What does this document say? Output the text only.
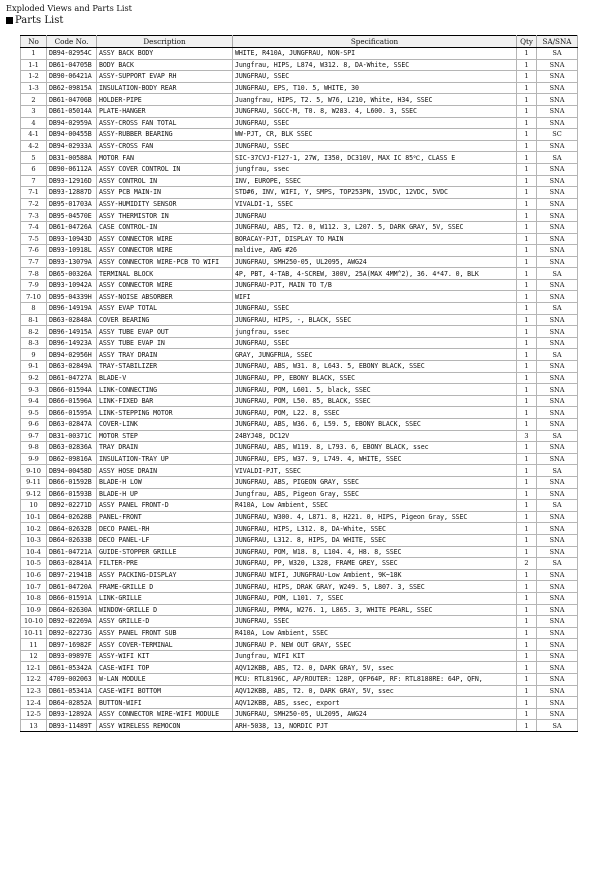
Exploded Views and Parts List
Parts List
No	Code No.	Description	Specification	Qty	SA/SNA
1	DB94-02954C	ASSY BACK BODY	WHITE, R410A, JUNGFRAU, NON-SPI	1	SA
1-1	DB61-04705B	BODY BACK	Jungfrau, HIPS, L874, W312. 8, DA-White, SSEC	1	SNA
1-2	DB90-06421A	ASSY-SUPPORT EVAP RH	JUNGFRAU, SSEC	1	SNA
1-3	DB62-09815A	INSULATION-BODY REAR	JUNGFRAU, EPS, T10. 5, WHITE, 30	1	SNA
2	DB61-04706B	HOLDER-PIPE	Juangfrau, HIPS, T2. 5, W76, L210, White, H34, SSEC	1	SNA
3	DB61-05014A	PLATE-HANGER	JUNGFRAU, SGCC-M, T0. 8, W283. 4, L600. 3, SSEC	1	SNA
4	DB94-02959A	ASSY-CROSS FAN TOTAL	JUNGFRAU, SSEC	1	SNA
4-1	DB94-00455B	ASSY-RUBBER BEARING	WW-PJT, CR, BLK SSEC	1	SC
4-2	DB94-02933A	ASSY-CROSS FAN	JUNGFRAU, SSEC	1	SNA
5	DB31-00588A	MOTOR FAN	SIC-37CVJ-F127-1, 27W, I350, DC310V, MAX IC 85℃, CLASS E	1	SA
6	DB90-06112A	ASSY COVER CONTROL IN	jungfrau, ssec	1	SNA
7	DB93-12916D	ASSY CONTROL IN	INV, EUROPE, SSEC	1	SNA
7-1	DB93-12887D	ASSY PCB MAIN-IN	STD#6, INV, WIFI, Y, SMPS, TOP253PN, 15VDC, 12VDC, 5VDC	1	SNA
7-2	DB95-01703A	ASSY-HUMIDITY SENSOR	VIVALDI-1, SSEC	1	SNA
7-3	DB95-04570E	ASSY THERMISTOR IN	JUNGFRAU	1	SNA
7-4	DB61-04726A	CASE CONTROL-IN	JUNGFRAU, ABS, T2. 0, W112. 3, L207. 5, DARK GRAY, 5V, SSEC	1	SNA
7-5	DB93-10943D	ASSY CONNECTOR WIRE	BORACAY-PJT, DISPLAY TO MAIN	1	SNA
7-6	DB93-10918L	ASSY CONNECTOR WIRE	maldive, AWG #26	1	SNA
7-7	DB93-13079A	ASSY CONNECTOR WIRE-PCB TO WIFI	JUNGFRAU, SMH250-05, UL2095, AWG24	1	SNA
7-8	DB65-00326A	TERMINAL BLOCK	4P, PBT, 4-TAB, 4-SCREW, 300V, 25A(MAX 4MM^2), 36. 4*47. 0, BLK	1	SA
7-9	DB93-10942A	ASSY CONNECTOR WIRE	JUNGFRAU-PJT, MAIN TO T/B	1	SNA
7-10	DB95-04339H	ASSY-NOISE ABSORBER	WIFI	1	SNA
8	DB96-14919A	ASSY EVAP TOTAL	JUNGFRAU, SSEC	1	SA
8-1	DB63-02848A	COVER BEARING	JUNGFRAU, HIPS, -, BLACK, SSEC	1	SNA
8-2	DB96-14915A	ASSY TUBE EVAP OUT	jungfrau, ssec	1	SNA
8-3	DB96-14923A	ASSY TUBE EVAP IN	JUNGFRAU, SSEC	1	SNA
9	DB94-02956H	ASSY TRAY DRAIN	GRAY, JUNGFRUA, SSEC	1	SA
9-1	DB63-02849A	TRAY-STABILIZER	JUNGFRAU, ABS, W31. 8, L643. 5, EBONY BLACK, SSEC	1	SNA
9-2	DB61-04727A	BLADE-V	JUNGFRAU, PP, EBONY BLACK, SSEC	1	SNA
9-3	DB66-01594A	LINK-CONNECTING	JUNGFRAU, POM, L601. 5, black, SSEC	1	SNA
9-4	DB66-01596A	LINK-FIXED BAR	JUNGFRAU, POM, L50. 85, BLACK, SSEC	1	SNA
9-5	DB66-01595A	LINK-STEPPING MOTOR	JUNGFRAU, POM, L22. 8, SSEC	1	SNA
9-6	DB63-02847A	COVER-LINK	JUNGFRAU, ABS, W36. 6, L59. 5, EBONY BLACK, SSEC	1	SNA
9-7	DB31-00371C	MOTOR STEP	24BYJ48, DC12V	3	SA
9-8	DB63-02836A	TRAY DRAIN	JUNGFRAU, ABS, W119. 8, L793. 6, EBONY BLACK, ssec	1	SNA
9-9	DB62-09816A	INSULATION-TRAY UP	JUNGFRAU, EPS, W37. 9, L749. 4, WHITE, SSEC	1	SNA
9-10	DB94-00458D	ASSY HOSE DRAIN	VIVALDI-PJT, SSEC	1	SA
9-11	DB66-01592B	BLADE-H LOW	JUNGFRAU, ABS, PIGEON GRAY, SSEC	1	SNA
9-12	DB66-01593B	BLADE-H UP	Jungfrau, ABS, Pigeon Gray, SSEC	1	SNA
10	DB92-02271D	ASSY PANEL FRONT-D	R410A, Low Ambient, SSEC	1	SA
10-1	DB64-02628B	PANEL-FRONT	JUNGFRAU, W300. 4, L871. 8, H221. 0, HIPS, Pigeon Gray, SSEC	1	SNA
10-2	DB64-02632B	DECO PANEL-RH	JUNGFRAU, HIPS, L312. 8, DA-White, SSEC	1	SNA
10-3	DB64-02633B	DECO PANEL-LF	JUNGFRAU, L312. 8, HIPS, DA WHITE, SSEC	1	SNA
10-4	DB61-04721A	GUIDE-STOPPER GRILLE	JUNGFRAU, POM, W18. 8, L104. 4, H8. 8, SSEC	1	SNA
10-5	DB63-02841A	FILTER-PRE	JUNGFRAU, PP, W320, L328, FRAME GREY, SSEC	2	SA
10-6	DB97-21941B	ASSY PACKING-DISPLAY	JUNGFRAU WIFI, JUNGFRAU-Low Ambient, 9K~18K	1	SNA
10-7	DB61-04720A	FRAME-GRILLE D	JUNGFRAU, HIPS, DRAK GRAY, W249. 5, L807. 3, SSEC	1	SNA
10-8	DB66-01591A	LINK-GRILLE	JUNGFRAU, POM, L101. 7, SSEC	1	SNA
10-9	DB64-02630A	WINDOW-GRILLE D	JUNGFRAU, PMMA, W276. 1, L865. 3, WHITE PEARL, SSEC	1	SNA
10-10	DB92-02269A	ASSY GRILLE-D	JUNGFRAU, SSEC	1	SNA
10-11	DB92-02273G	ASSY PANEL FRONT SUB	R410A, Low Ambient, SSEC	1	SNA
11	DB97-16982F	ASSY COVER-TERMINAL	JUNGFRAU P. NEW OUT GRAY, SSEC	1	SNA
12	DB93-09897E	ASSY-WIFI KIT	Jungfrau, WIFI KIT	1	SNA
12-1	DB61-05342A	CASE-WIFI TOP	AQV12KBB, ABS, T2. 0, DARK GRAY, 5V, ssec	1	SNA
12-2	4709-002063	W-LAN MODULE	MCU: RTL8196C, AP/ROUTER: 128P, QFP64P, RF: RTL8188RE: 64P, QFN,	1	SNA
12-3	DB61-05341A	CASE-WIFI BOTTOM	AQV12KBB, ABS, T2. 0, DARK GRAY, 5V, ssec	1	SNA
12-4	DB64-02852A	BUTTON-WIFI	AQV12KBB, ABS, ssec, export	1	SNA
12-5	DB93-12892A	ASSY CONNECTOR WIRE-WIFI MODULE	JUNGFRAU, SMH250-05, UL2095, AWG24	1	SNA
13	DB93-11489T	ASSY WIRELESS REMOCON	ARH-5038, 13, NORDIC PJT	1	SA
